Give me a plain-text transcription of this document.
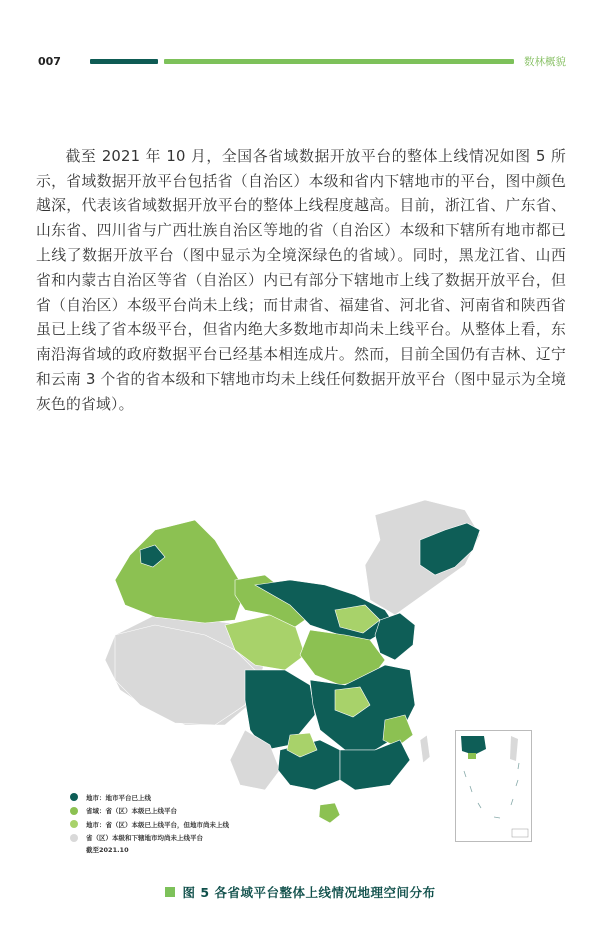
007	数林概貌

截至 2021 年 10 月，全国各省域数据开放平台的整体上线情况如图 5 所示，省域数据开放平台包括省（自治区）本级和省内下辖地市的平台，图中颜色越深，代表该省域数据开放平台的整体上线程度越高。目前，浙江省、广东省、山东省、四川省与广西壮族自治区等地的省（自治区）本级和下辖所有地市都已上线了数据开放平台（图中显示为全境深绿色的省域）。同时，黑龙江省、山西省和内蒙古自治区等省（自治区）内已有部分下辖地市上线了数据开放平台，但省（自治区）本级平台尚未上线；而甘肃省、福建省、河北省、河南省和陕西省虽已上线了省本级平台，但省内绝大多数地市却尚未上线平台。从整体上看，东南沿海省域的政府数据平台已经基本相连成片。然而，目前全国仍有吉林、辽宁和云南 3 个省的省本级和下辖地市均未上线任何数据开放平台（图中显示为全境灰色的省域）。

地市：地市平台已上线
省域：省（区）本级已上线平台
地市：省（区）本级已上线平台，但地市尚未上线
省（区）本级和下辖地市均尚未上线平台
截至2021.10
图 5 各省域平台整体上线情况地理空间分布
